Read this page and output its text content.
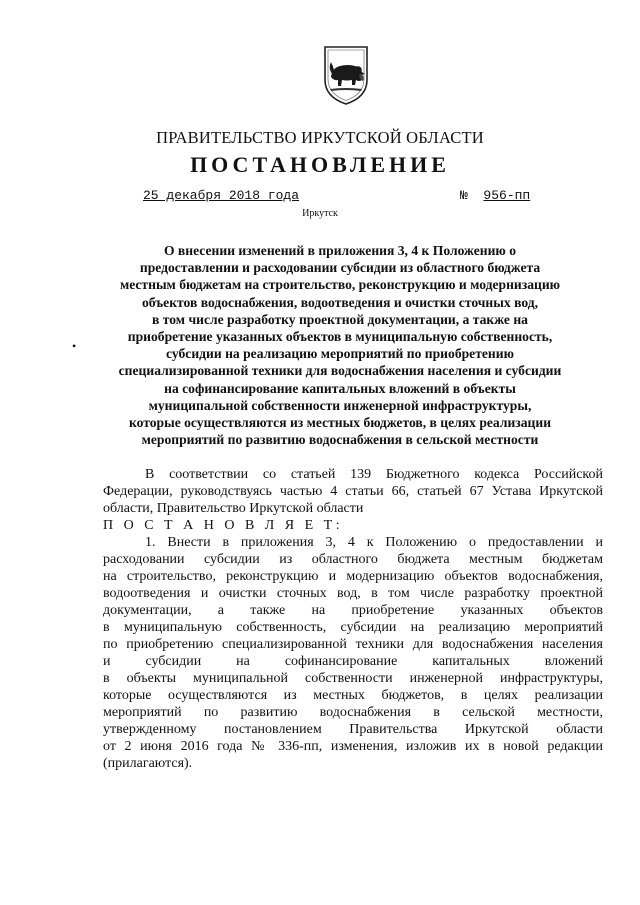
ПРАВИТЕЛЬСТВО ИРКУТСКОЙ ОБЛАСТИ
ПОСТАНОВЛЕНИЕ
25 декабря 2018 года	№ 956-пп
Иркутск
•
О внесении изменений в приложения 3, 4 к Положению о
предоставлении и расходовании субсидии из областного бюджета
местным бюджетам на строительство, реконструкцию и модернизацию
объектов водоснабжения, водоотведения и очистки сточных вод,
в том числе разработку проектной документации, а также на
приобретение указанных объектов в муниципальную собственность,
субсидии на реализацию мероприятий по приобретению
специализированной техники для водоснабжения населения и субсидии
на софинансирование капитальных вложений в объекты
муниципальной собственности инженерной инфраструктуры,
которые осуществляются из местных бюджетов, в целях реализации
мероприятий по развитию водоснабжения в сельской местности
В соответствии со статьей 139 Бюджетного кодекса Российской
Федерации, руководствуясь частью 4 статьи 66, статьей 67 Устава Иркутской
области, Правительство Иркутской области
П О С Т А Н О В Л Я Е Т:
1. Внести в приложения 3, 4 к Положению о предоставлении и
расходовании субсидии из областного бюджета местным бюджетам
на строительство, реконструкцию и модернизацию объектов водоснабжения,
водоотведения и очистки сточных вод, в том числе разработку проектной
документации, а также на приобретение указанных объектов
в муниципальную собственность, субсидии на реализацию мероприятий
по приобретению специализированной техники для водоснабжения населения
и субсидии на софинансирование капитальных вложений
в объекты муниципальной собственности инженерной инфраструктуры,
которые осуществляются из местных бюджетов, в целях реализации
мероприятий по развитию водоснабжения в сельской местности,
утвержденному постановлением Правительства Иркутской области
от 2 июня 2016 года № 336-пп, изменения, изложив их в новой редакции
(прилагаются).
